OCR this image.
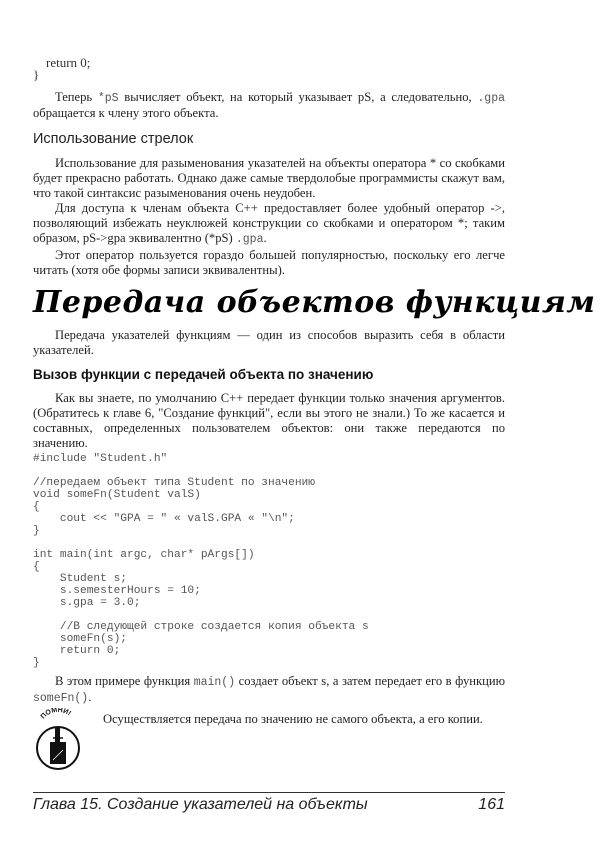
return 0;
}

Теперь *pS вычисляет объект, на который указывает pS, а следовательно, .gpa обращается к члену этого объекта.

Использование стрелок

Использование для разыменования указателей на объекты оператора * со скобками будет прекрасно работать. Однако даже самые твердолобые программисты скажут вам, что такой синтаксис разыменования очень неудобен.

Для доступа к членам объекта C++ предоставляет более удобный оператор ->, позволяющий избежать неуклюжей конструкции со скобками и оператором *; таким образом, pS->gpa эквивалентно (*pS) .gpa.

Этот оператор пользуется гораздо большей популярностью, поскольку его легче читать (хотя обе формы записи эквивалентны).

Передача объектов функциям

Передача указателей функциям — один из способов выразить себя в области указателей.

Вызов функции с передачей объекта по значению

Как вы знаете, по умолчанию C++ передает функции только значения аргументов. (Обратитесь к главе 6, "Создание функций", если вы этого не знали.) То же касается и составных, определенных пользователем объектов: они также передаются по значению.

#include "Student.h"

//передаем объект типа Student по значению
void someFn(Student valS)
{
cout << "GPA = " « valS.GPA « "\n";
}

int main(int argc, char* pArgs[])
{
Student s;
s.semesterHours = 10;
s.gpa = 3.0;

//В следующей строке создается копия объекта s
someFn(s);
return 0;
}

В этом примере функция main() создает объект s, а затем передает его в функцию someFn().

ПОМНИ! Осуществляется передача по значению не самого объекта, а его копии.

Глава 15. Создание указателей на объекты	161
